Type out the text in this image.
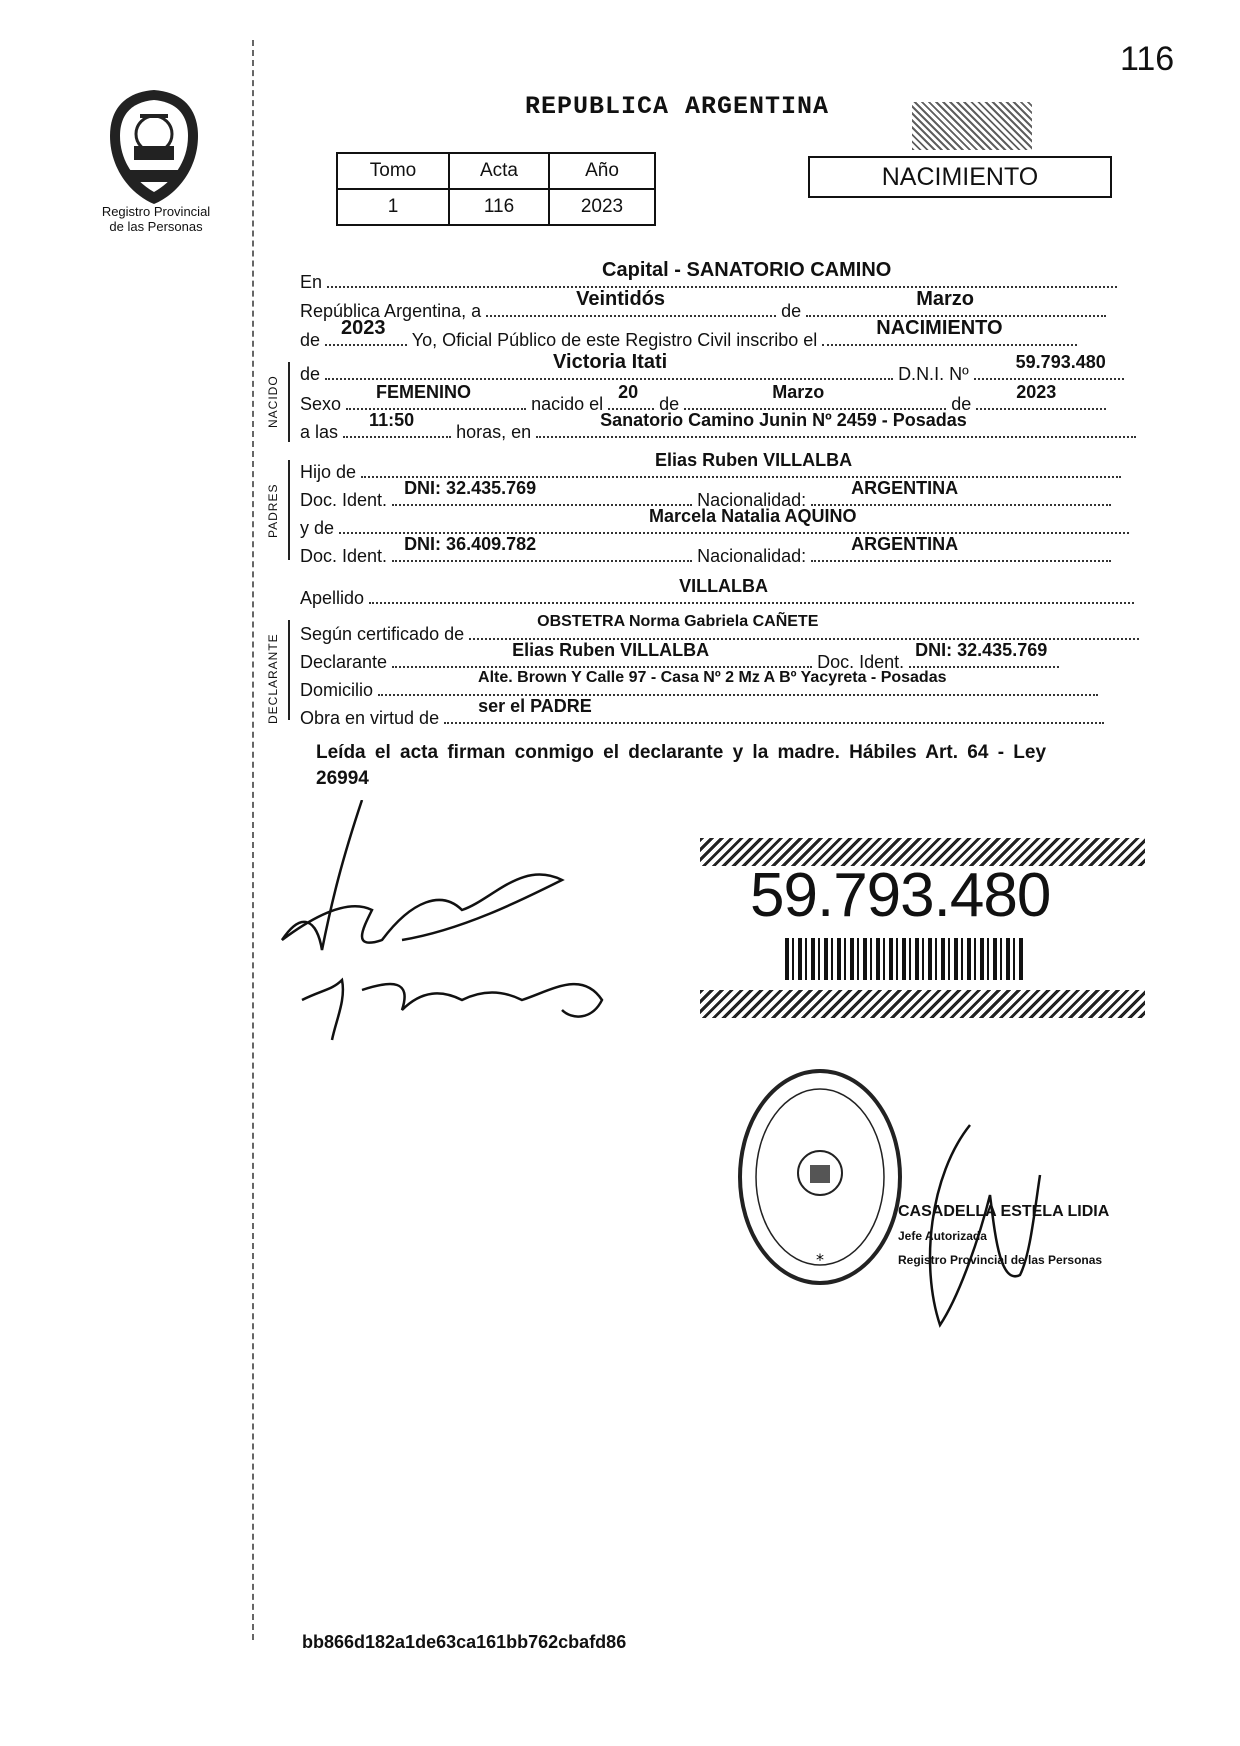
116
REPUBLICA ARGENTINA
Registro Provincial
de las Personas
Tomo	Acta	Año
1	116	2023
NACIMIENTO
NACIDO
PADRES
DECLARANTE
En
Capital - SANATORIO CAMINO
República Argentina, a
Veintidós
de
Marzo
de
2023
Yo, Oficial Público de este Registro Civil inscribo el
NACIMIENTO
de
Victoria Itati
D.N.I. Nº
59.793.480
Sexo
FEMENINO
nacido el
20
de
Marzo
de
2023
a las
11:50
horas, en
Sanatorio Camino Junin Nº 2459 - Posadas
Hijo de
Elias Ruben VILLALBA
Doc. Ident.
DNI: 32.435.769
Nacionalidad:
ARGENTINA
y de
Marcela Natalia AQUINO
Doc. Ident.
DNI: 36.409.782
Nacionalidad:
ARGENTINA
Apellido
VILLALBA
Según certificado de
OBSTETRA Norma Gabriela CAÑETE
Declarante
Elias Ruben VILLALBA
Doc. Ident.
DNI: 32.435.769
Domicilio
Alte. Brown Y Calle 97 - Casa Nº 2 Mz A Bº Yacyreta - Posadas
Obra en virtud de
ser el PADRE
Leída el acta firman conmigo el declarante y la madre. Hábiles Art. 64 - Ley
26994
59.793.480
*
CASADELLA ESTELA LIDIA
Jefe Autorizada
Registro Provincial de las Personas
bb866d182a1de63ca161bb762cbafd86
